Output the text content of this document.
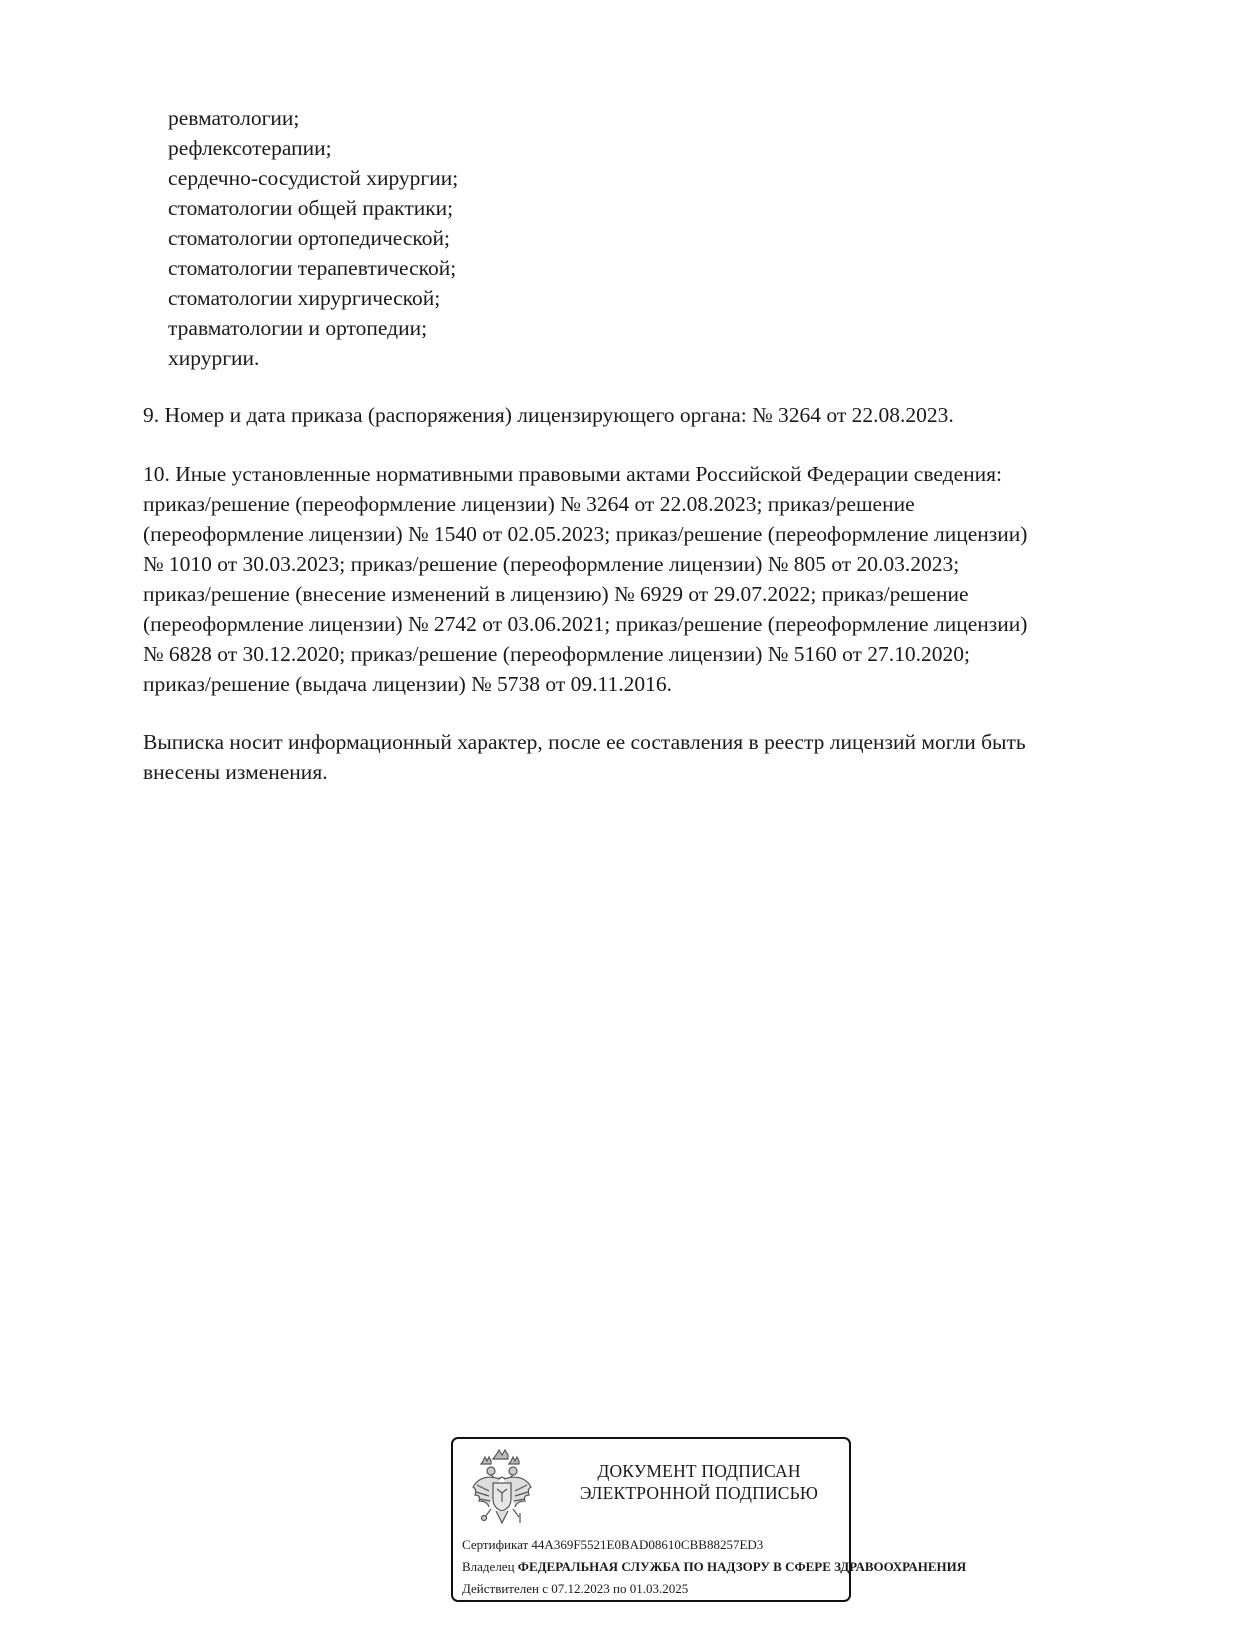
ревматологии;
рефлексотерапии;
сердечно-сосудистой хирургии;
стоматологии общей практики;
стоматологии ортопедической;
стоматологии терапевтической;
стоматологии хирургической;
травматологии и ортопедии;
хирургии.

9. Номер и дата приказа (распоряжения) лицензирующего органа: № 3264 от 22.08.2023.

10. Иные установленные нормативными правовыми актами Российской Федерации сведения:
приказ/решение (переоформление лицензии) № 3264 от 22.08.2023; приказ/решение
(переоформление лицензии) № 1540 от 02.05.2023; приказ/решение (переоформление лицензии)
№ 1010 от 30.03.2023; приказ/решение (переоформление лицензии) № 805 от 20.03.2023;
приказ/решение (внесение изменений в лицензию) № 6929 от 29.07.2022; приказ/решение
(переоформление лицензии) № 2742 от 03.06.2021; приказ/решение (переоформление лицензии)
№ 6828 от 30.12.2020; приказ/решение (переоформление лицензии) № 5160 от 27.10.2020;
приказ/решение (выдача лицензии) № 5738 от 09.11.2016.

Выписка носит информационный характер, после ее составления в реестр лицензий могли быть
внесены изменения.

ДОКУМЕНТ ПОДПИСАН
ЭЛЕКТРОННОЙ ПОДПИСЬЮ
Сертификат 44A369F5521E0BAD08610CBB88257ED3
Владелец ФЕДЕРАЛЬНАЯ СЛУЖБА ПО НАДЗОРУ В СФЕРЕ ЗДРАВООХРАНЕНИЯ
Действителен с 07.12.2023 по 01.03.2025
